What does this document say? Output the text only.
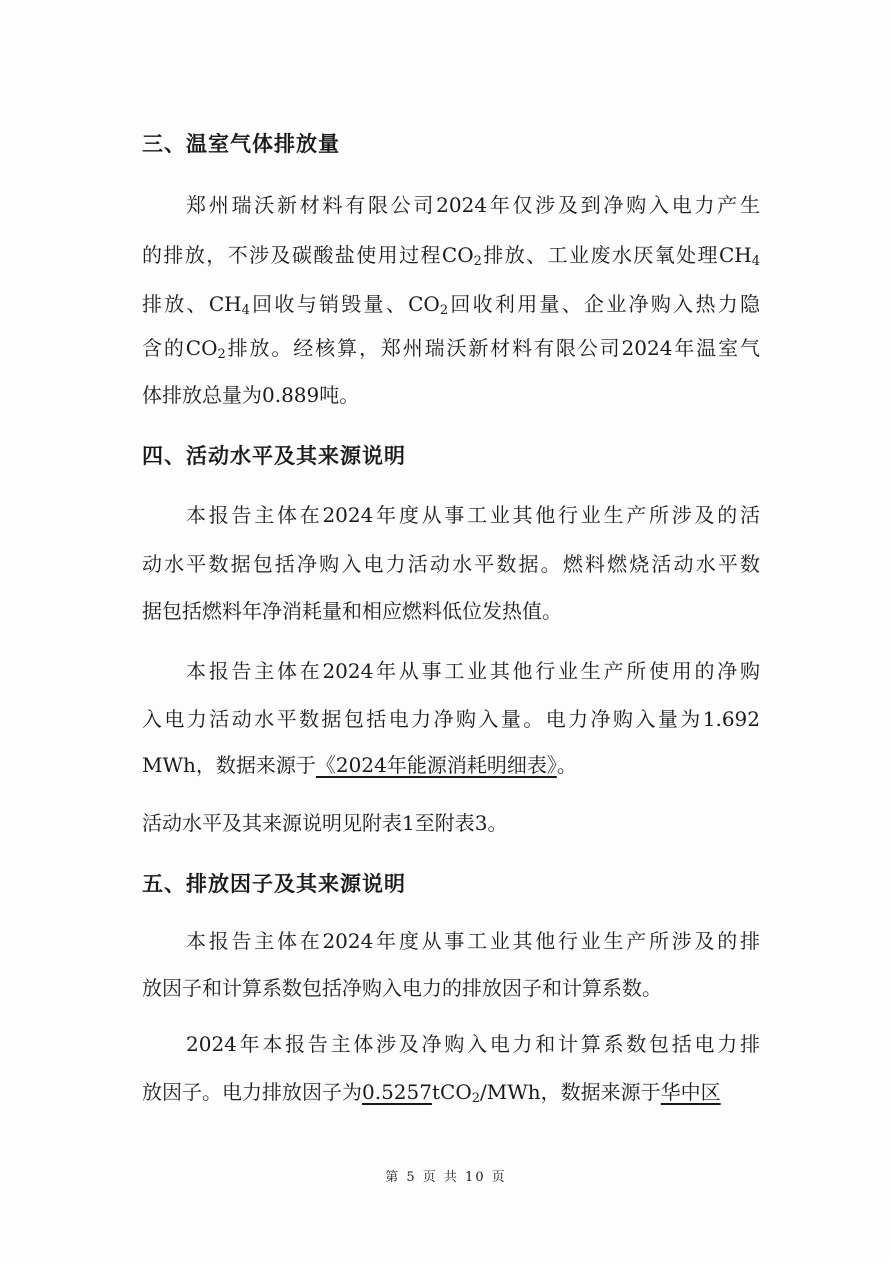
三、温室气体排放量
郑州瑞沃新材料有限公司2024年仅涉及到净购入电力产生
的排放，不涉及碳酸盐使用过程$CO_2$排放、工业废水厌氧处理$CH_4$
排放、$CH_4$回收与销毁量、$CO_2$回收利用量、企业净购入热力隐
含的$CO_2$排放。经核算，郑州瑞沃新材料有限公司2024年温室气
体排放总量为0.889吨。
四、活动水平及其来源说明
本报告主体在2024年度从事工业其他行业生产所涉及的活
动水平数据包括净购入电力活动水平数据。燃料燃烧活动水平数
据包括燃料年净消耗量和相应燃料低位发热值。
本报告主体在2024年从事工业其他行业生产所使用的净购
入电力活动水平数据包括电力净购入量。电力净购入量为1.692
MWh，数据来源于《2024年能源消耗明细表》。
活动水平及其来源说明见附表1至附表3。
五、排放因子及其来源说明
本报告主体在2024年度从事工业其他行业生产所涉及的排
放因子和计算系数包括净购入电力的排放因子和计算系数。
2024年本报告主体涉及净购入电力和计算系数包括电力排
放因子。电力排放因子为0.5257tCO$_2$/MWh，数据来源于华中区
第 5 页 共 10 页
